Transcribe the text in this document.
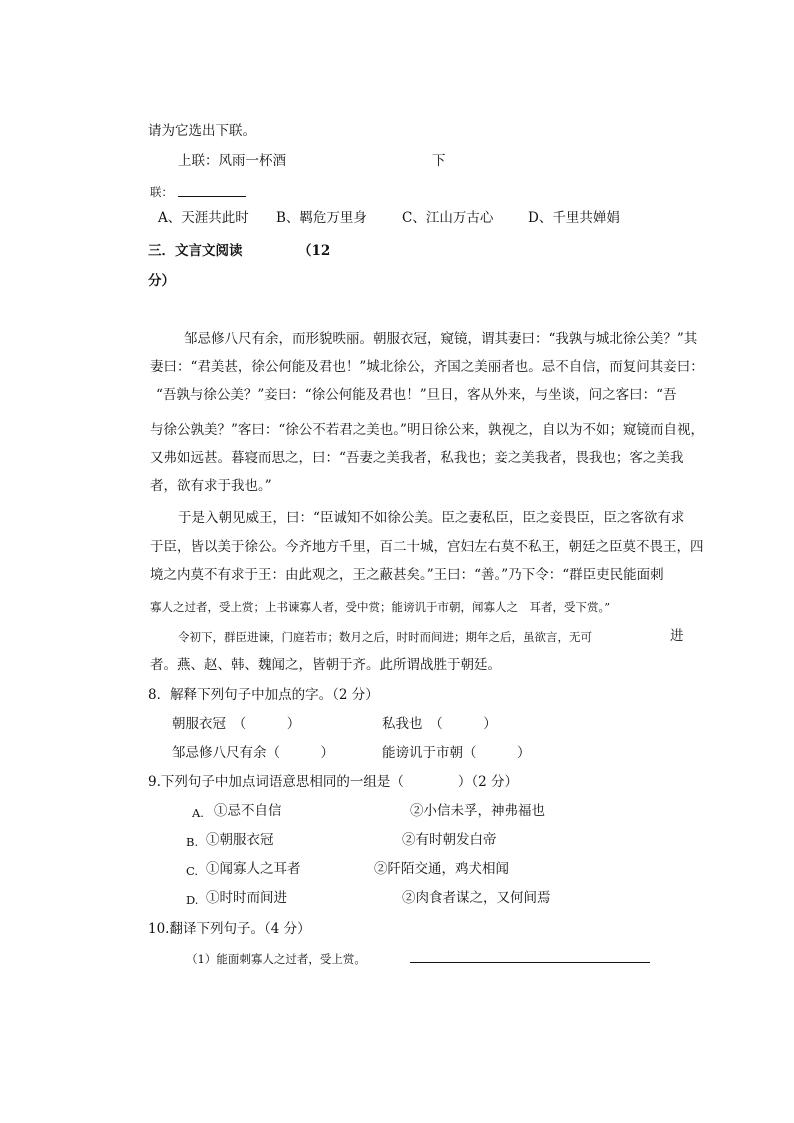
请为它选出下联。
上联：风雨一杯酒	下
联：
A、天涯共此时 B、羁危万里身	C、江山万古心	D、千里共婵娟
三．文言文阅读	（12
分）
邹忌修八尺有余，而形貌昳丽。朝服衣冠，窥镜，谓其妻曰：“我孰与城北徐公美？”其
妻曰：“君美甚，徐公何能及君也！”城北徐公，齐国之美丽者也。忌不自信，而复问其妾曰：
“吾孰与徐公美？”妾曰：“徐公何能及君也！”旦日，客从外来，与坐谈，问之客曰：“吾
与徐公孰美？”客曰：“徐公不若君之美也。”明日徐公来，孰视之，自以为不如；窥镜而自视，
又弗如远甚。暮寝而思之，曰：“吾妻之美我者，私我也；妾之美我者，畏我也；客之美我
者，欲有求于我也。”
于是入朝见威王，曰：“臣诚知不如徐公美。臣之妻私臣，臣之妾畏臣，臣之客欲有求
于臣，皆以美于徐公。今齐地方千里，百二十城，宫妇左右莫不私王，朝廷之臣莫不畏王，四
境之内莫不有求于王：由此观之，王之蔽甚矣。”王曰：“善。”乃下令：“群臣吏民能面刺
寡人之过者，受上赏；上书谏寡人者，受中赏；能谤讥于市朝，闻寡人之　耳者，受下赏。”
令初下，群臣进谏，门庭若市；数月之后，时时而间进；期年之后，虽欲言，无可	进
者。燕、赵、韩、魏闻之，皆朝于齐。此所谓战胜于朝廷。
8．解释下列句子中加点的字。（2 分）
朝服衣冠　（　　　）	私我也　（　　　）
邹忌修八尺有余（　　　）	能谤讥于市朝（　　　）
9.下列句子中加点词语意思相同的一组是（　　　　）（2 分）
A. ①忌不自信	②小信未孚，神弗福也
B. ①朝服衣冠	②有时朝发白帝
C. ①闻寡人之耳者	②阡陌交通，鸡犬相闻
D. ①时时而间进	②肉食者谋之，又何间焉
10.翻译下列句子。（4 分）
（1）能面刺寡人之过者，受上赏。
